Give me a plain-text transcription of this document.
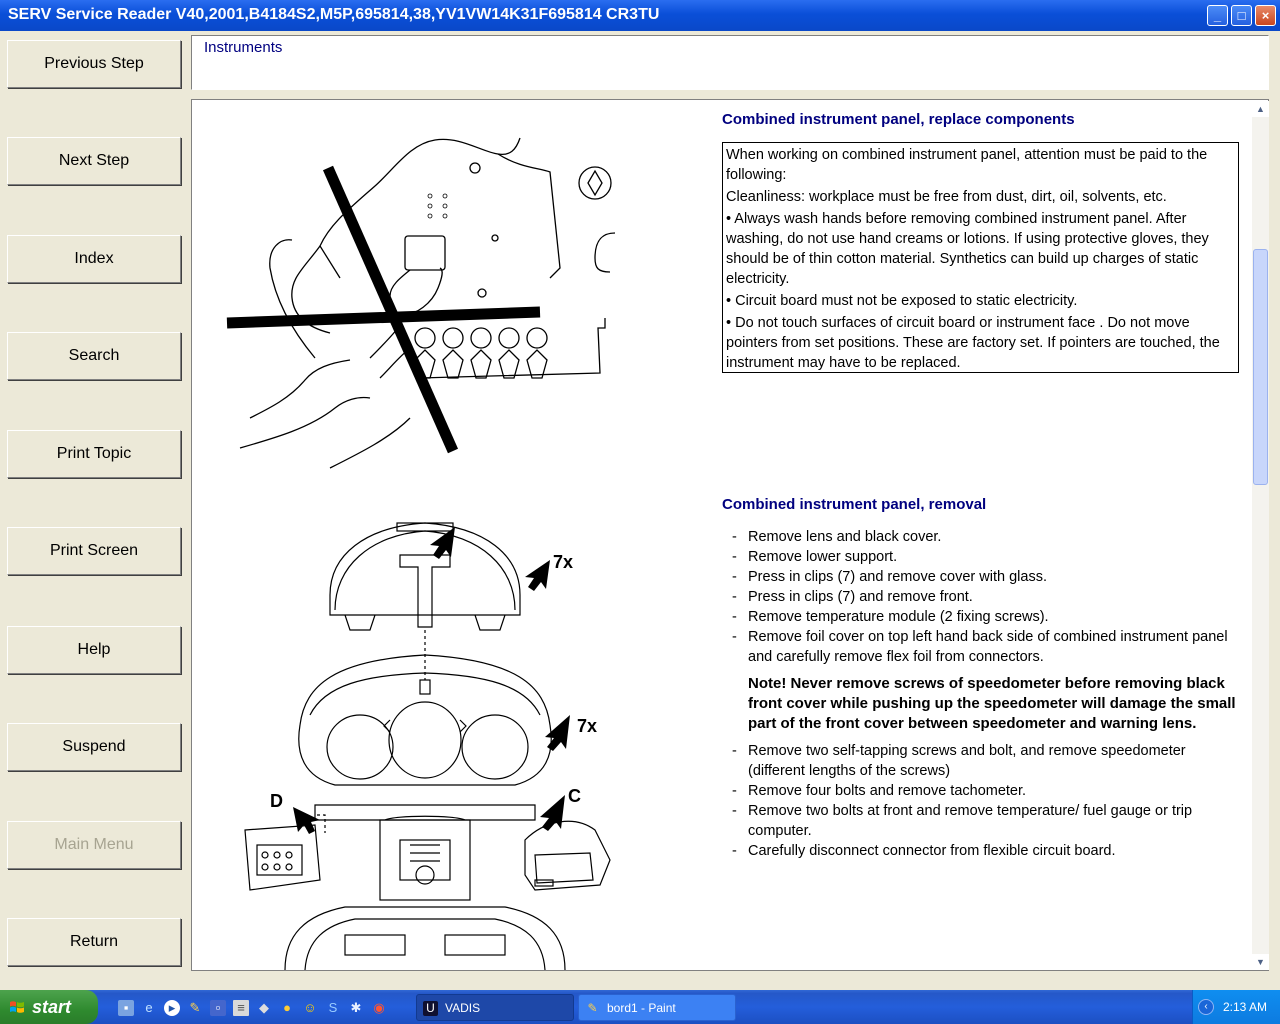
SERV Service Reader V40,2001,B4184S2,M5P,695814,38,YV1VW14K31F695814 CR3TU	_	□	×
Previous Step
Next Step
Index
Search
Print Topic
Print Screen
Help
Suspend
Main Menu
Return
Instruments
7x
7x
D	C
Combined instrument panel, replace components

When working on combined instrument panel, attention must be paid to the following:

Cleanliness: workplace must be free from dust, dirt, oil, solvents, etc.

• Always wash hands before removing combined instrument panel. After washing, do not use hand creams or lotions. If using protective gloves, they should be of thin cotton material. Synthetics can build up charges of static electricity.

• Circuit board must not be exposed to static electricity.

• Do not touch surfaces of circuit board or instrument face . Do not move pointers from set positions. These are factory set. If pointers are touched, the instrument may have to be replaced.

Combined instrument panel, removal
- Remove lens and black cover.
- Remove lower support.
- Press in clips (7) and remove cover with glass.
- Press in clips (7) and remove front.
- Remove temperature module (2 fixing screws).
- Remove foil cover on top left hand back side of combined instrument panel and carefully remove flex foil from connectors.
Note! Never remove screws of speedometer before removing black front cover while pushing up the speedometer will damage the small part of the front cover between speedometer and warning lens.
- Remove two self-tapping screws and bolt, and remove speedometer (different lengths of the screws)
- Remove four bolts and remove tachometer.
- Remove two bolts at front and remove temperature/ fuel gauge or trip computer.
- Carefully disconnect connector from flexible circuit board.
▲
▼
start	▪	e	▸	✎	▫	≡	◆	● ☺ S ✱ ◉	U VADIS	✎ bord1 - Paint	‹	2:13 AM
